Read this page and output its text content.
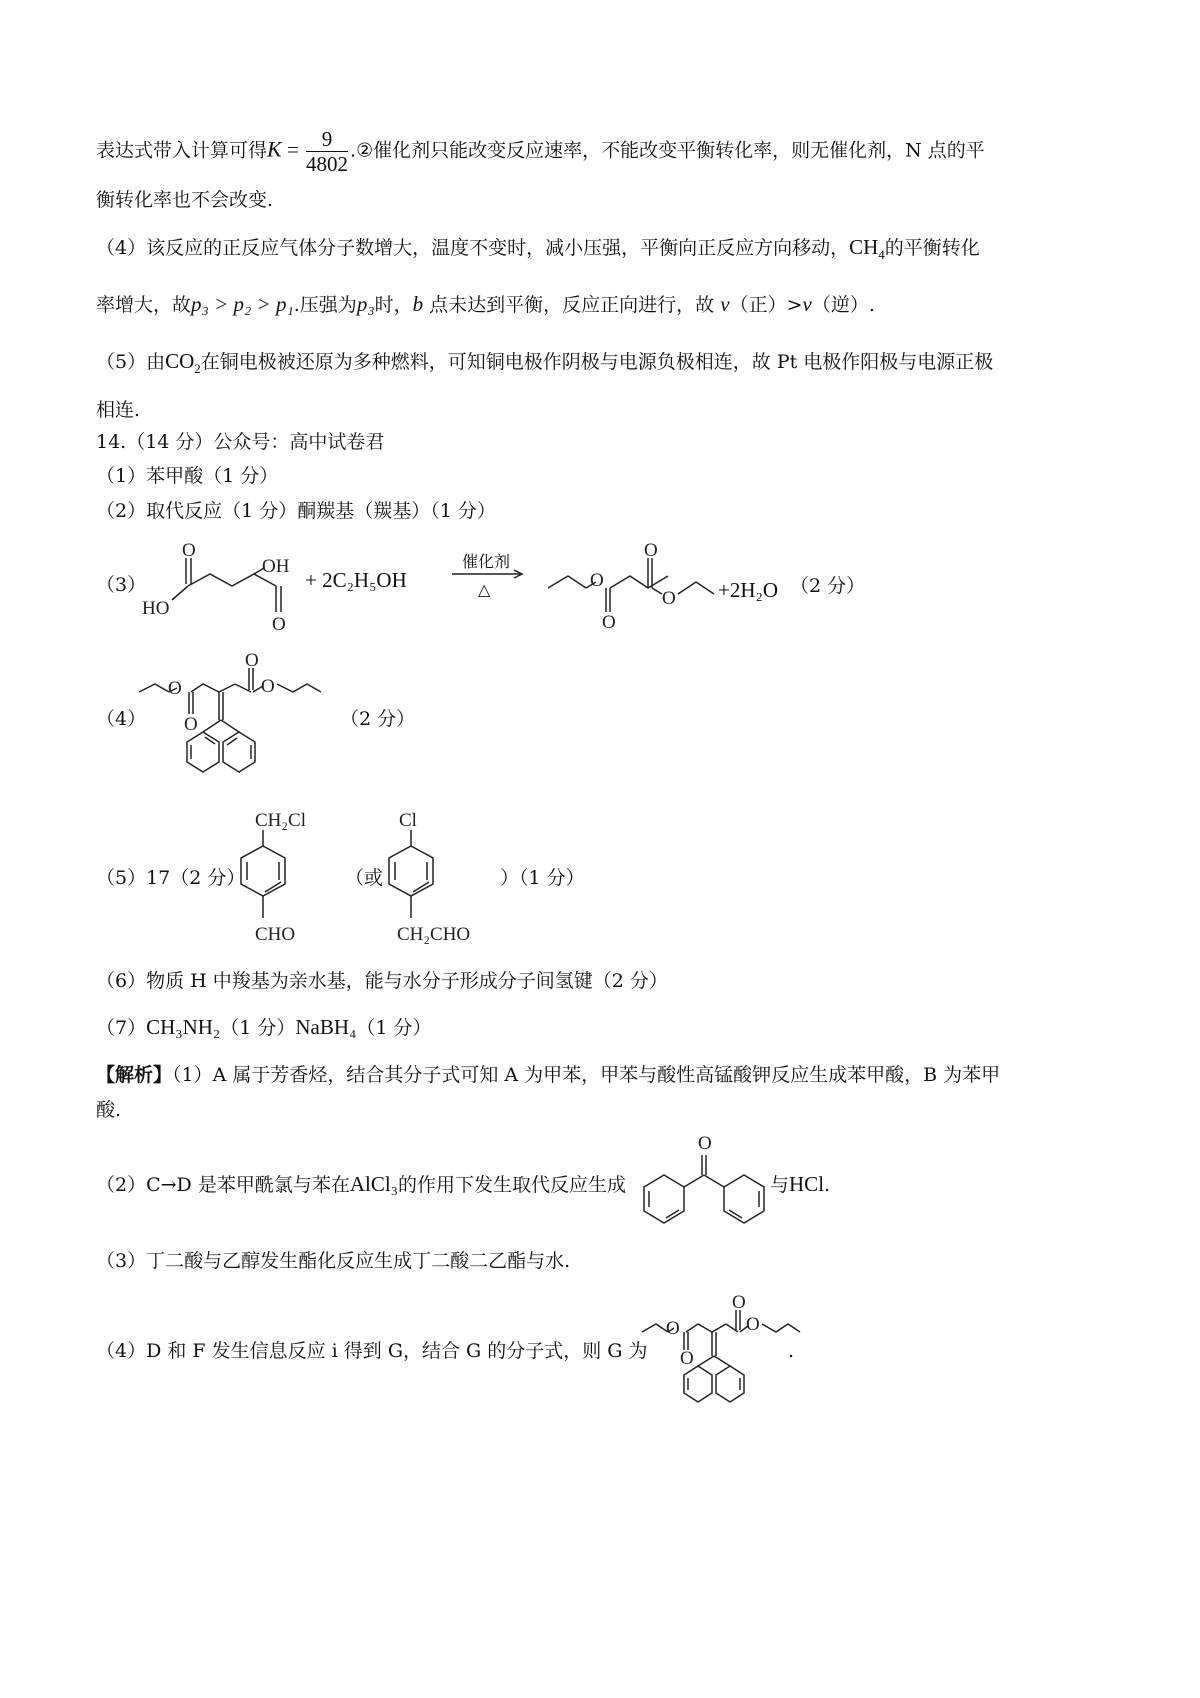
表达式带入计算可得$K = \frac{9}{4802}$ .②催化剂只能改变反应速率，不能改变平衡转化率，则无催化剂，N 点的平
衡转化率也不会改变.
（4）该反应的正反应气体分子数增大，温度不变时，减小压强，平衡向正反应方向移动，$CH_4$的平衡转化
率增大，故p₃ > p₂ > p₁.压强为p₃时，b 点未达到平衡，反应正向进行，故 v（正）>v（逆）.
（5）由$CO_2$在铜电极被还原为多种燃料，可知铜电极作阴极与电源负极相连，故 Pt 电极作阳极与电源正极
相连.
14.（14 分）公众号：高中试卷君
（1）苯甲酸（1 分）
（2）取代反应（1 分）酮羰基（羰基）（1 分）
（3）
O
O
HO
OH
+ 2C₂H₅OH
催化剂
△	O
O
O
O +2H₂O （2 分）
（4）
O
O
O
O
（2 分）
（5）17（2 分）
CH₂Cl
CHO
（或
Cl
CH₂CHO
）（1 分）
（6）物质 H 中羧基为亲水基，能与水分子形成分子间氢键（2 分）
（7）CH₃NH₂（1 分）NaBH₄（1 分）
【解析】（1）A 属于芳香烃，结合其分子式可知 A 为甲苯，甲苯与酸性高锰酸钾反应生成苯甲酸，B 为苯甲
酸.
（2）C→D 是苯甲酰氯与苯在AlCl₃的作用下发生取代反应生成
O
与HCl.
（3）丁二酸与乙醇发生酯化反应生成丁二酸二乙酯与水.
（4）D 和 F 发生信息反应 i 得到 G，结合 G 的分子式，则 G 为
O
O
O
O
.
